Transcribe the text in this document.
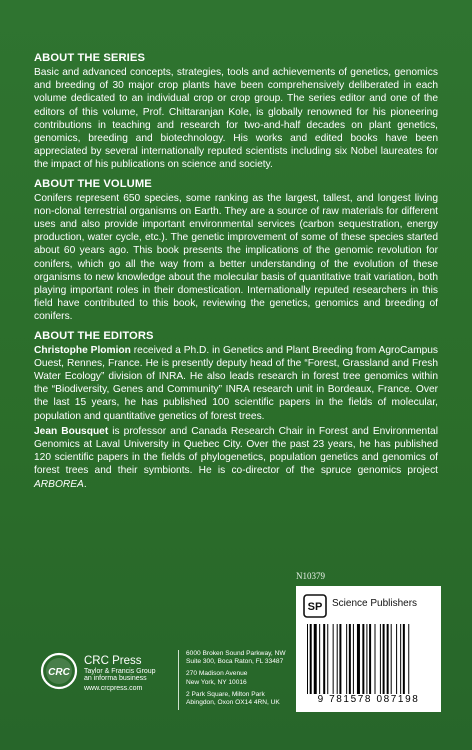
ABOUT THE SERIES

Basic and advanced concepts, strategies, tools and achievements of genetics, genomics and breeding of 30 major crop plants have been comprehensively deliberated in each volume dedicated to an individual crop or crop group. The series editor and one of the editors of this volume, Prof. Chittaranjan Kole, is globally renowned for his pioneering contributions in teaching and research for two-and-half decades on plant genetics, genomics, breeding and biotechnology. His works and edited books have been appreciated by several internationally reputed scientists including six Nobel laureates for the impact of his publications on science and society.

ABOUT THE VOLUME

Conifers represent 650 species, some ranking as the largest, tallest, and longest living non-clonal terrestrial organisms on Earth. They are a source of raw materials for different uses and also provide important environmental services (carbon sequestration, energy production, water cycle, etc.). The genetic improvement of some of these species started about 60 years ago. This book presents the implications of the genomic revolution for conifers, which go all the way from a better understanding of the evolution of these organisms to new knowledge about the molecular basis of quantitative trait variation, both playing important roles in their domestication. Internationally reputed researchers in this field have contributed to this book, reviewing the genetics, genomics and breeding of conifers.

ABOUT THE EDITORS

Christophe Plomion received a Ph.D. in Genetics and Plant Breeding from AgroCampus Ouest, Rennes, France. He is presently deputy head of the “Forest, Grassland and Fresh Water Ecology” division of INRA. He also leads research in forest tree genomics within the “Biodiversity, Genes and Community” INRA research unit in Bordeaux, France. Over the last 15 years, he has published 100 scientific papers in the fields of molecular, population and quantitative genetics of forest trees.

Jean Bousquet is professor and Canada Research Chair in Forest and Environmental Genomics at Laval University in Quebec City. Over the past 23 years, he has published 120 scientific papers in the fields of phylogenetics, population genetics and genomics of forest trees and their symbionts. He is co-director of the spruce genomics project ARBOREA.

N10379
SP Science Publishers
9 781578 087198
CRC
CRC Press
Taylor & Francis Group
an informa business
www.crcpress.com
6000 Broken Sound Parkway, NW
Suite 300, Boca Raton, FL 33487
270 Madison Avenue
New York, NY 10016
2 Park Square, Milton Park
Abingdon, Oxon OX14 4RN, UK
